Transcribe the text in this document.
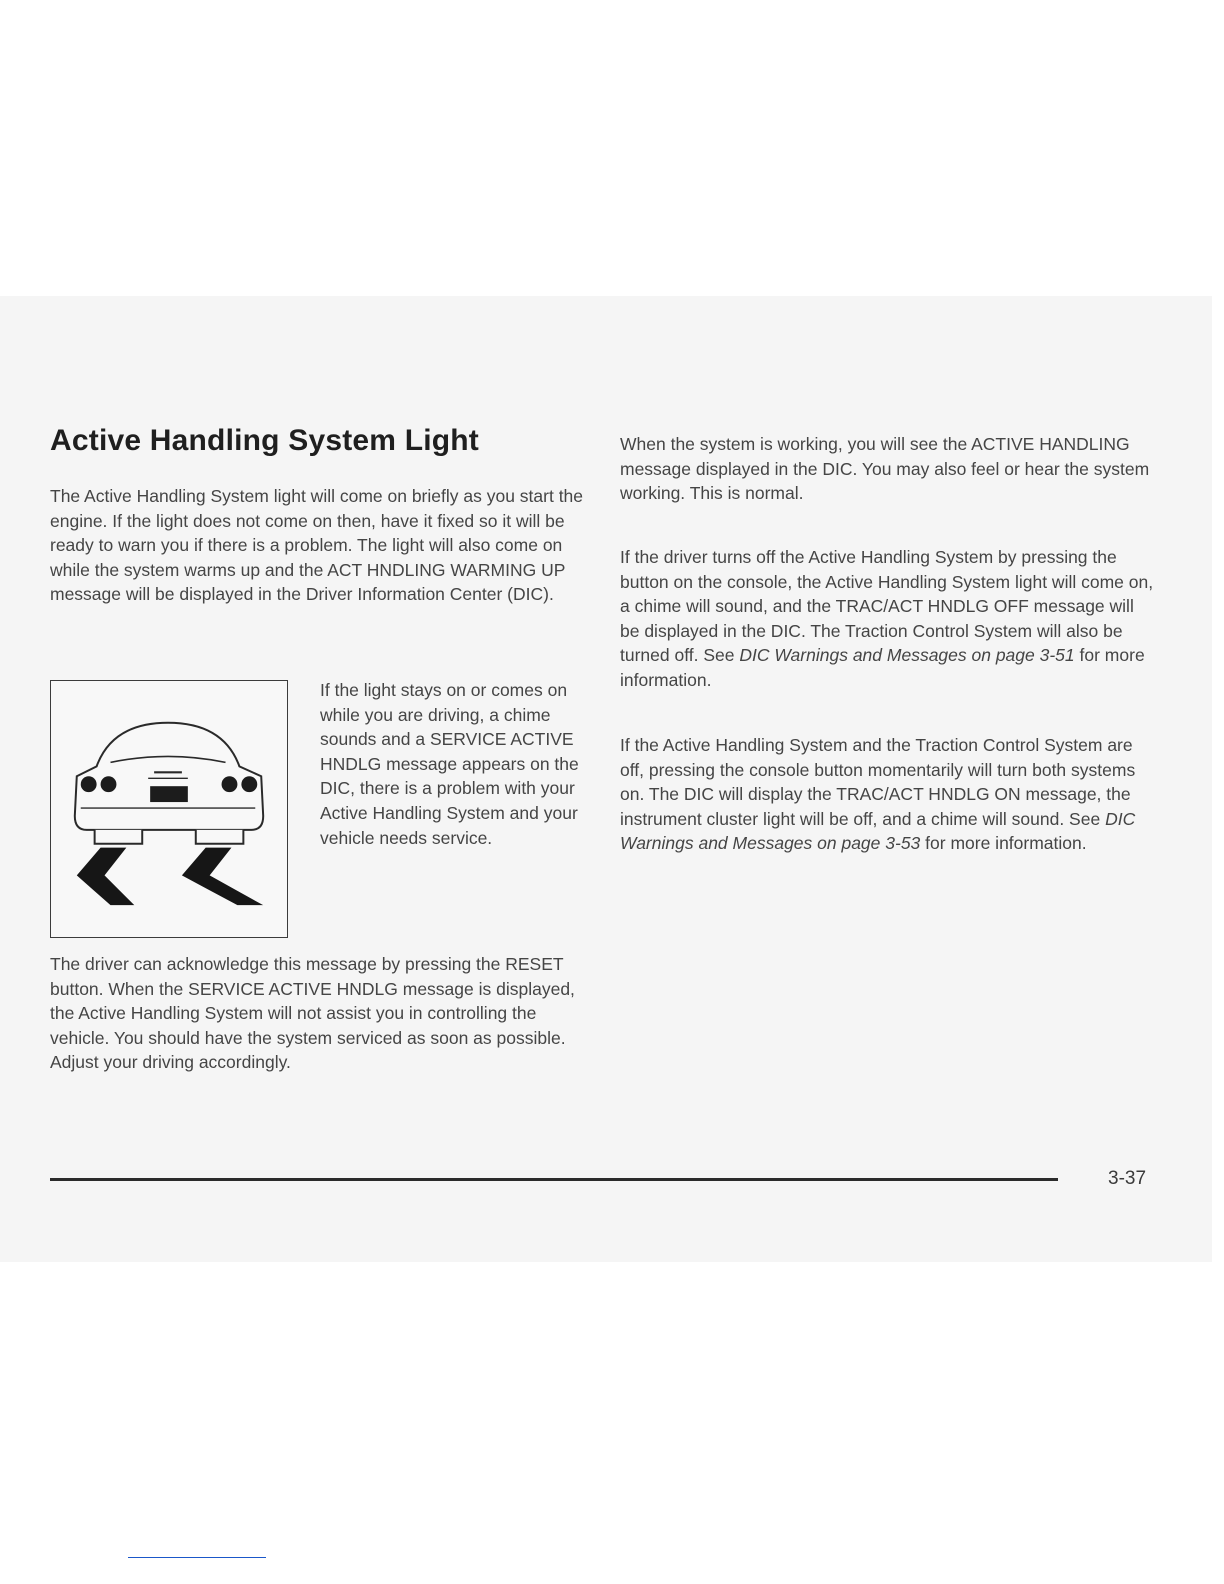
Active Handling System Light

The Active Handling System light will come on briefly as you start the engine. If the light does not come on then, have it fixed so it will be ready to warn you if there is a problem. The light will also come on while the system warms up and the ACT HNDLING WARMING UP message will be displayed in the Driver Information Center (DIC).

If the light stays on or comes on while you are driving, a chime sounds and a SERVICE ACTIVE HNDLG message appears on the DIC, there is a problem with your Active Handling System and your vehicle needs service.

The driver can acknowledge this message by pressing the RESET button. When the SERVICE ACTIVE HNDLG message is displayed, the Active Handling System will not assist you in controlling the vehicle. You should have the system serviced as soon as possible. Adjust your driving accordingly.

When the system is working, you will see the ACTIVE HANDLING message displayed in the DIC. You may also feel or hear the system working. This is normal.

If the driver turns off the Active Handling System by pressing the button on the console, the Active Handling System light will come on, a chime will sound, and the TRAC/ACT HNDLG OFF message will be displayed in the DIC. The Traction Control System will also be turned off. See DIC Warnings and Messages on page 3-51 for more information.

If the Active Handling System and the Traction Control System are off, pressing the console button momentarily will turn both systems on. The DIC will display the TRAC/ACT HNDLG ON message, the instrument cluster light will be off, and a chime will sound. See DIC Warnings and Messages on page 3-53 for more information.

3-37
